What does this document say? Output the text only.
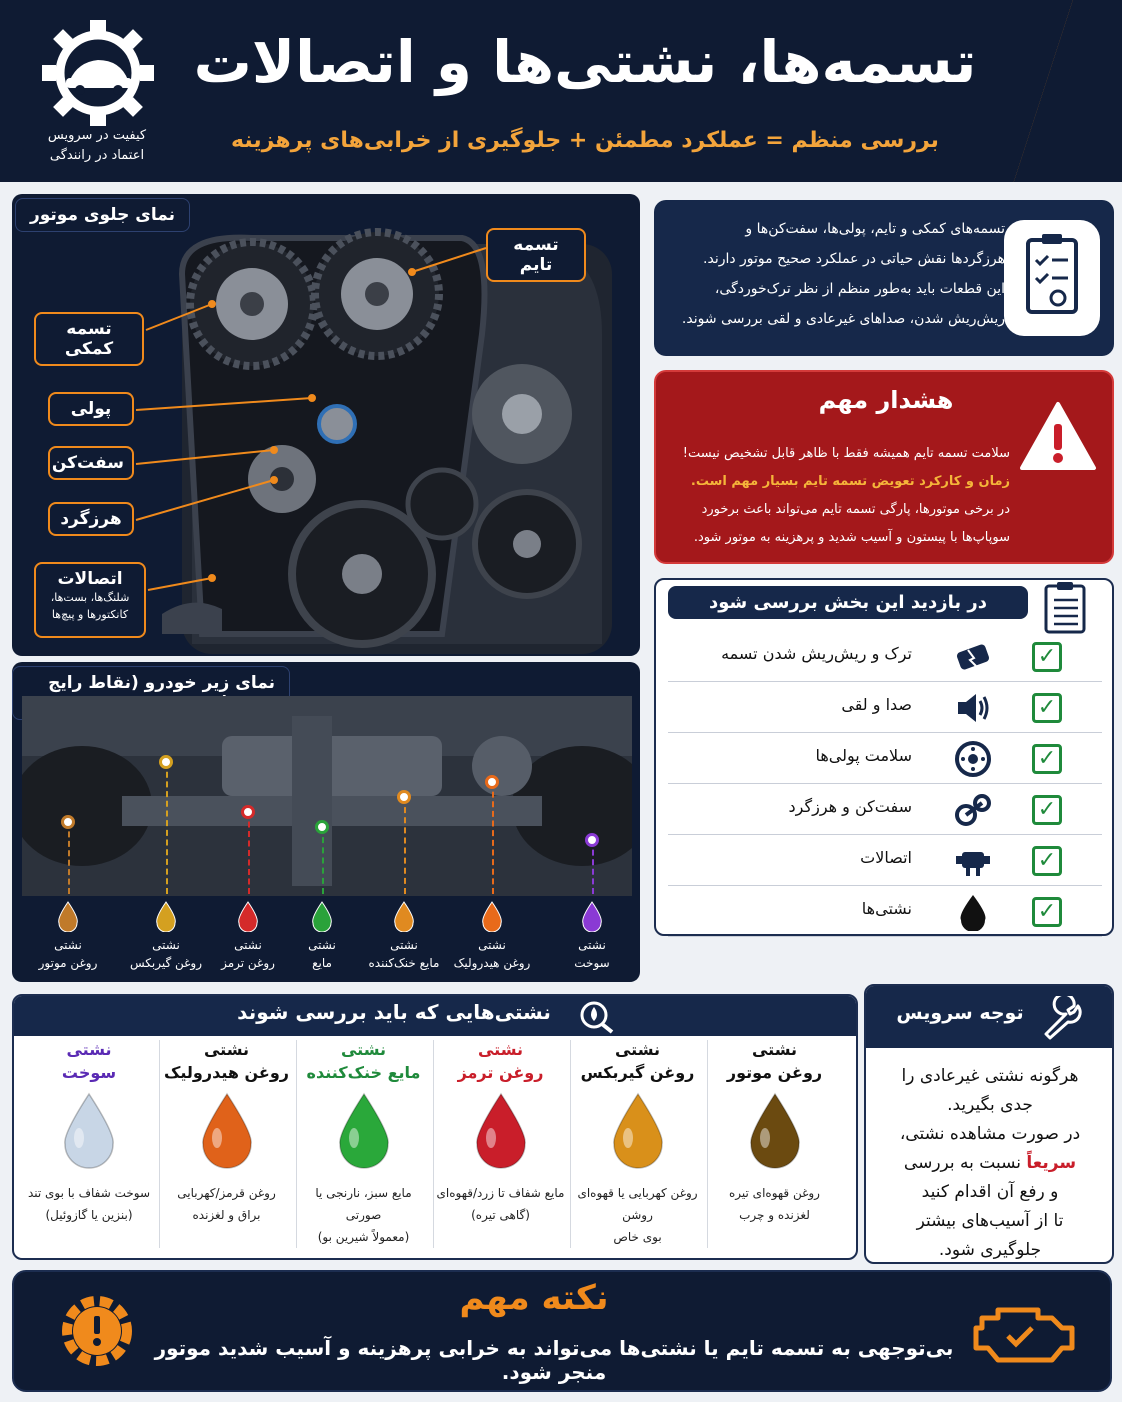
کیفیت در سرویس
اعتماد در رانندگی
تسمه‌ها، نشتی‌ها و اتصالات
بررسی منظم = عملکرد مطمئن + جلوگیری از خرابی‌های پرهزینه
نمای جلوی موتور
تسمه تایم
تسمه کمکی
پولی
سفت‌کن
هرزگرد
اتصالات
شلنگ‌ها، بست‌ها،
کانکتورها و پیچ‌ها
نمای زیر خودرو (نقاط رایج
نشتی
روغن موتور
نشتی
روغن گیربکس
نشتی
روغن ترمز
نشتی
مایع
نشتی
مایع خنک‌کننده
نشتی
روغن هیدرولیک
نشتی
سوخت
تسمه‌های کمکی و تایم، پولی‌ها، سفت‌کن‌ها و
هرزگردها نقش حیاتی در عملکرد صحیح موتور دارند.
این قطعات باید به‌طور منظم از نظر ترک‌خوردگی،
ریش‌ریش شدن، صداهای غیرعادی و لقی بررسی شوند.
هشدار مهم
سلامت تسمه تایم همیشه فقط با ظاهر قابل تشخیص نیست!
زمان و کارکرد تعویض تسمه تایم بسیار مهم است.
در برخی موتورها، پارگی تسمه تایم می‌تواند باعث برخورد
سوپاپ‌ها با پیستون و آسیب شدید و پرهزینه به موتور شود.
در بازدید این بخش بررسی شود
ترک و ریش‌ریش شدن تسمه	✓
صدا و لقی	✓
سلامت پولی‌ها	✓
سفت‌کن و هرزگرد	✓
اتصالات	✓
نشتی‌ها	✓
نشتی‌هایی که باید بررسی شوند
نشتی
روغن موتور
روغن قهوه‌ای تیره
لغزنده و چرب
نشتی
روغن گیربکس
روغن کهربایی یا قهوه‌ای روشن
بوی خاص
نشتی
روغن ترمز
مایع شفاف تا زرد/قهوه‌ای
(گاهی تیره)
نشتی
مایع خنک‌کننده
مایع سبز، نارنجی یا صورتی
(معمولاً شیرین بو)
نشتی
روغن هیدرولیک
روغن قرمز/کهربایی
براق و لغزنده
نشتی
سوخت
سوخت شفاف با بوی تند
(بنزین یا گازوئیل)
توجه سرویس
هرگونه نشتی غیرعادی را
جدی بگیرید.
در صورت مشاهده نشتی،
سریعاً نسبت به بررسی
و رفع آن اقدام کنید
تا از آسیب‌های بیشتر
جلوگیری شود.
نکته مهم
بی‌توجهی به تسمه تایم یا نشتی‌ها می‌تواند به خرابی پرهزینه و آسیب شدید موتور منجر شود.
